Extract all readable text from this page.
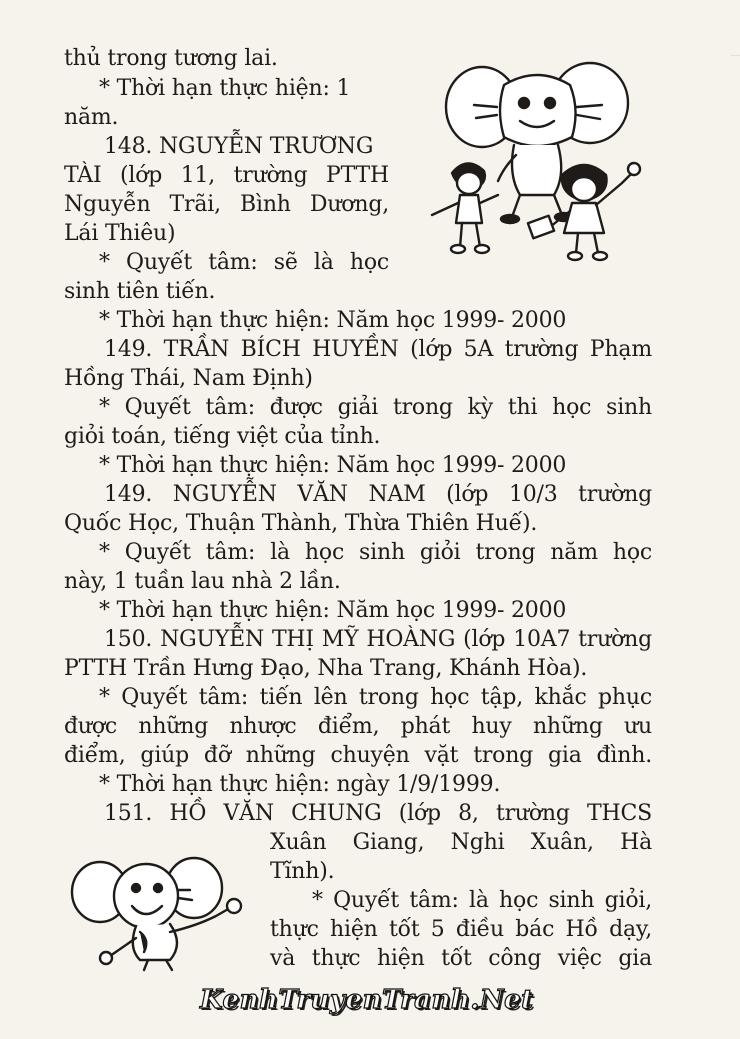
_
thủ trong tương lai.
* Thời hạn thực hiện: 1
năm.
148. NGUYỄN TRƯƠNG
TÀI (lớp 11, trường PTTH
Nguyễn Trãi, Bình Dương,
Lái Thiêu)
* Quyết tâm: sẽ là học
sinh tiên tiến.
* Thời hạn thực hiện: Năm học 1999- 2000
149. TRẦN BÍCH HUYỀN (lớp 5A trường Phạm
Hồng Thái, Nam Định)
* Quyết tâm: được giải trong kỳ thi học sinh
giỏi toán, tiếng việt của tỉnh.
* Thời hạn thực hiện: Năm học 1999- 2000
149. NGUYỄN VĂN NAM (lớp 10/3 trường
Quốc Học, Thuận Thành, Thừa Thiên Huế).
* Quyết tâm: là học sinh giỏi trong năm học
này, 1 tuần lau nhà 2 lần.
* Thời hạn thực hiện: Năm học 1999- 2000
150. NGUYỄN THỊ MỸ HOÀNG (lớp 10A7 trường
PTTH Trần Hưng Đạo, Nha Trang, Khánh Hòa).
* Quyết tâm: tiến lên trong học tập, khắc phục
được những nhược điểm, phát huy những ưu
điểm, giúp đỡ những chuyện vặt trong gia đình.
* Thời hạn thực hiện: ngày 1/9/1999.
151. HỒ VĂN CHUNG (lớp 8, trường THCS
Xuân Giang, Nghi Xuân, Hà
Tĩnh).
* Quyết tâm: là học sinh giỏi,
thực hiện tốt 5 điều bác Hồ dạy,
và thực hiện tốt công việc gia
KenhTruyenTranh.Net
